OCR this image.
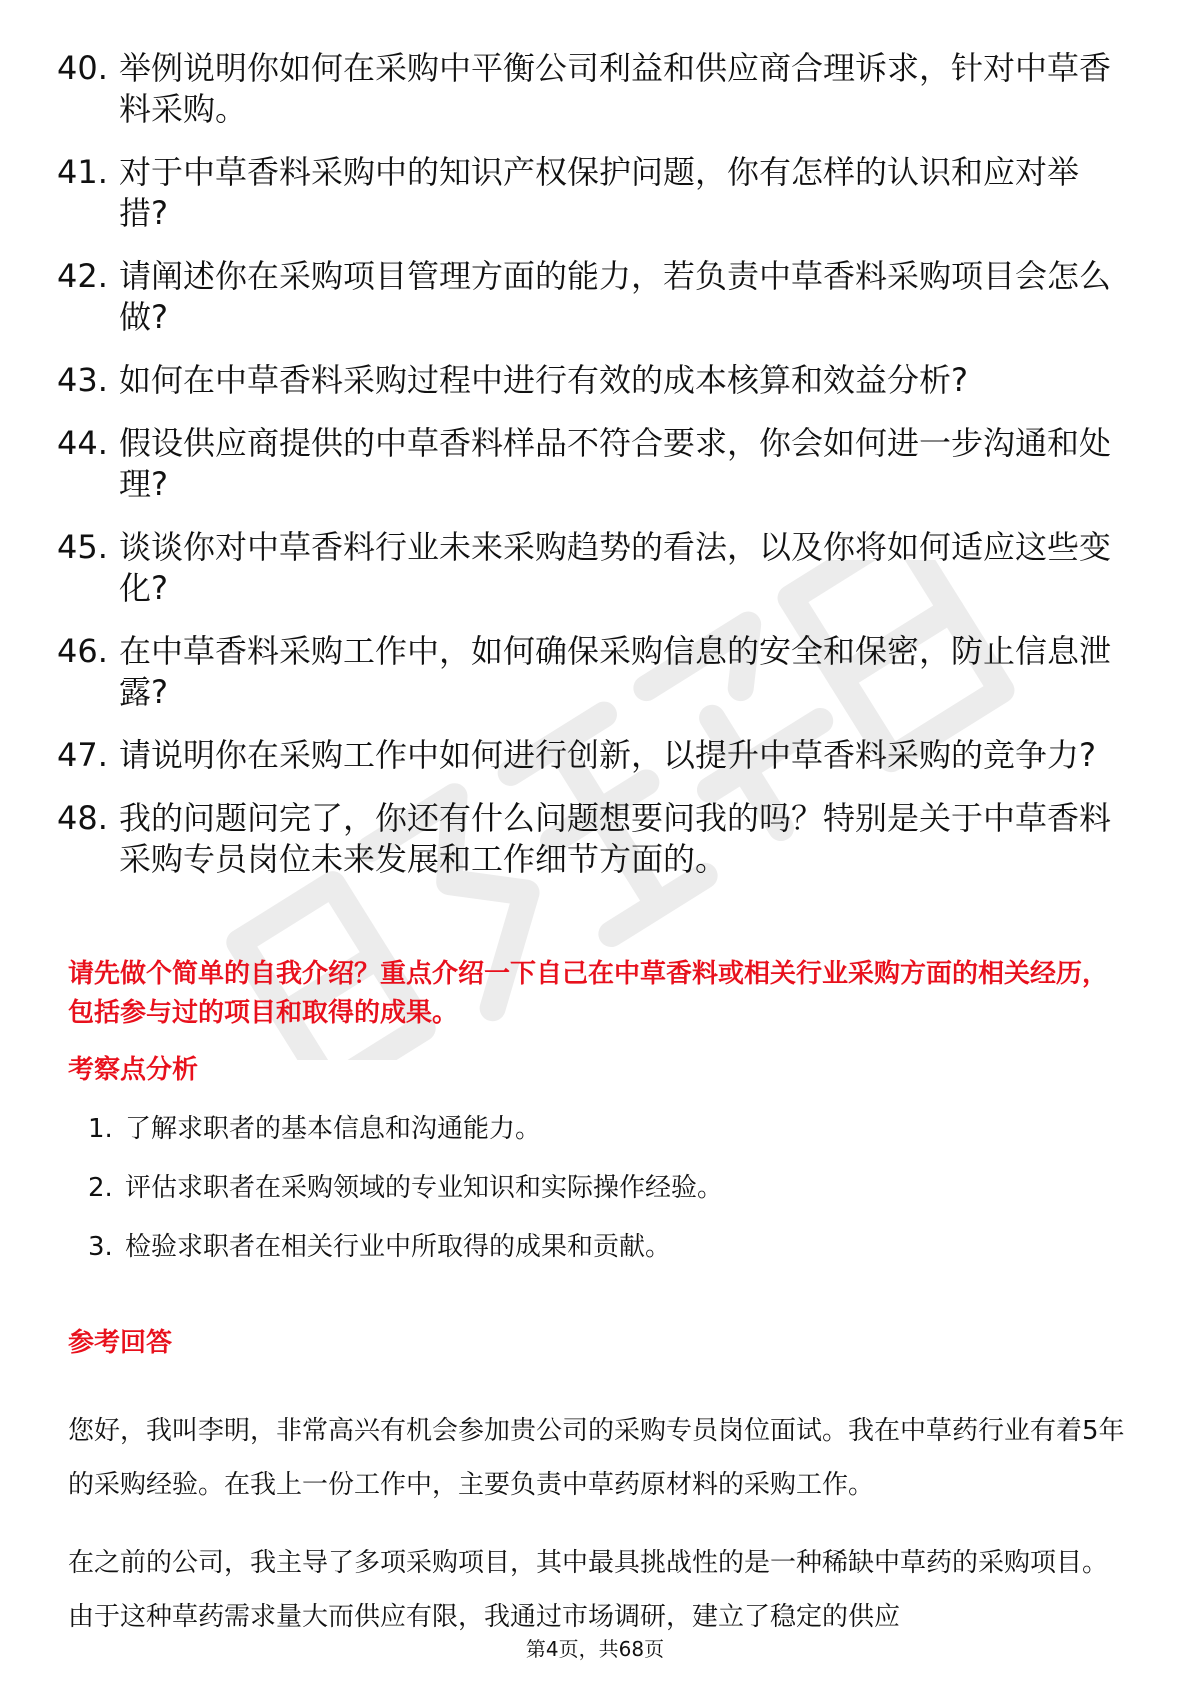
40. 举例说明你如何在采购中平衡公司利益和供应商合理诉求，针对中草香料采购。
41. 对于中草香料采购中的知识产权保护问题，你有怎样的认识和应对举措?
42. 请阐述你在采购项目管理方面的能力，若负责中草香料采购项目会怎么做?
43. 如何在中草香料采购过程中进行有效的成本核算和效益分析?
44. 假设供应商提供的中草香料样品不符合要求，你会如何进一步沟通和处理?
45. 谈谈你对中草香料行业未来采购趋势的看法，以及你将如何适应这些变化?
46. 在中草香料采购工作中，如何确保采购信息的安全和保密，防止信息泄露?
47. 请说明你在采购工作中如何进行创新，以提升中草香料采购的竞争力?
48. 我的问题问完了，你还有什么问题想要问我的吗？特别是关于中草香料采购专员岗位未来发展和工作细节方面的。
请先做个简单的自我介绍？重点介绍一下自己在中草香料或相关行业采购方面的相关经历，包括参与过的项目和取得的成果。
考察点分析
1. 了解求职者的基本信息和沟通能力。
2. 评估求职者在采购领域的专业知识和实际操作经验。
3. 检验求职者在相关行业中所取得的成果和贡献。
参考回答

您好，我叫李明，非常高兴有机会参加贵公司的采购专员岗位面试。我在中草药行业有着5年的采购经验。在我上一份工作中，主要负责中草药原材料的采购工作。

在之前的公司，我主导了多项采购项目，其中最具挑战性的是一种稀缺中草药的采购项目。由于这种草药需求量大而供应有限，我通过市场调研，建立了稳定的供应

第4页，共68页
